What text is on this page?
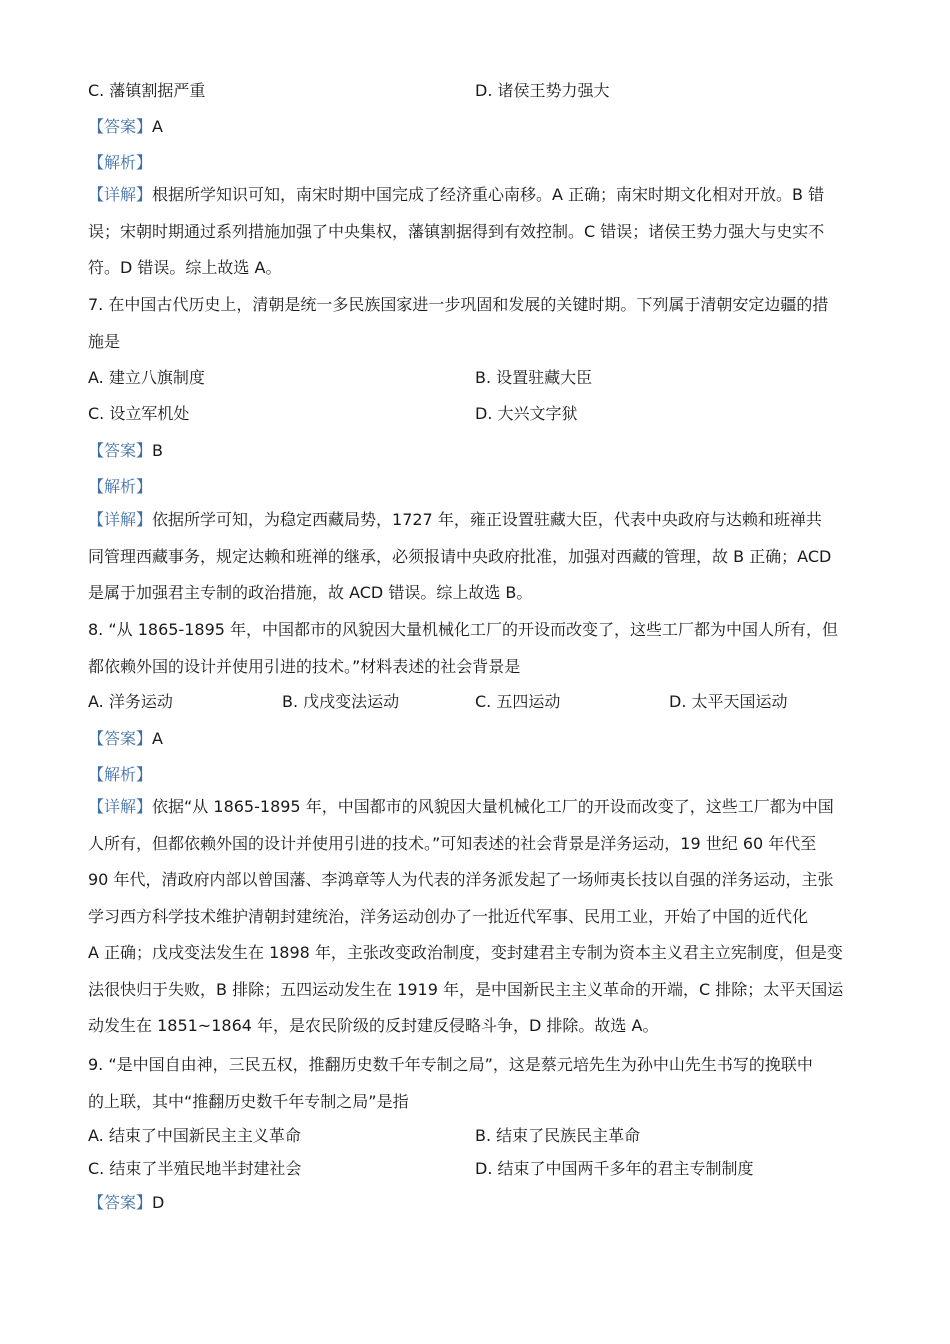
C. 藩镇割据严重	D. 诸侯王势力强大
【答案】A
【解析】
【详解】根据所学知识可知，南宋时期中国完成了经济重心南移。A 正确；南宋时期文化相对开放。B 错
误；宋朝时期通过系列措施加强了中央集权，藩镇割据得到有效控制。C 错误；诸侯王势力强大与史实不
符。D 错误。综上故选 A。
7. 在中国古代历史上，清朝是统一多民族国家进一步巩固和发展的关键时期。下列属于清朝安定边疆的措
施是
A. 建立八旗制度	B. 设置驻藏大臣
C. 设立军机处	D. 大兴文字狱
【答案】B
【解析】
【详解】依据所学可知，为稳定西藏局势，1727 年，雍正设置驻藏大臣，代表中央政府与达赖和班禅共
同管理西藏事务，规定达赖和班禅的继承，必须报请中央政府批准，加强对西藏的管理，故 B 正确；ACD
是属于加强君主专制的政治措施，故 ACD 错误。综上故选 B。
8. “从 1865-1895 年，中国都市的风貌因大量机械化工厂的开设而改变了，这些工厂都为中国人所有，但
都依赖外国的设计并使用引进的技术。”材料表述的社会背景是
A. 洋务运动	B. 戊戌变法运动	C. 五四运动	D. 太平天国运动
【答案】A
【解析】
【详解】依据“从 1865-1895 年，中国都市的风貌因大量机械化工厂的开设而改变了，这些工厂都为中国
人所有，但都依赖外国的设计并使用引进的技术。”可知表述的社会背景是洋务运动，19 世纪 60 年代至
90 年代，清政府内部以曾国藩、李鸿章等人为代表的洋务派发起了一场师夷长技以自强的洋务运动，主张
学习西方科学技术维护清朝封建统治，洋务运动创办了一批近代军事、民用工业，开始了中国的近代化
A 正确；戊戌变法发生在 1898 年，主张改变政治制度，变封建君主专制为资本主义君主立宪制度，但是变
法很快归于失败，B 排除；五四运动发生在 1919 年，是中国新民主主义革命的开端，C 排除；太平天国运
动发生在 1851~1864 年，是农民阶级的反封建反侵略斗争，D 排除。故选 A。
9. “是中国自由神，三民五权，推翻历史数千年专制之局”，这是蔡元培先生为孙中山先生书写的挽联中
的上联，其中“推翻历史数千年专制之局”是指
A. 结束了中国新民主主义革命	B. 结束了民族民主革命
C. 结束了半殖民地半封建社会	D. 结束了中国两千多年的君主专制制度
【答案】D
